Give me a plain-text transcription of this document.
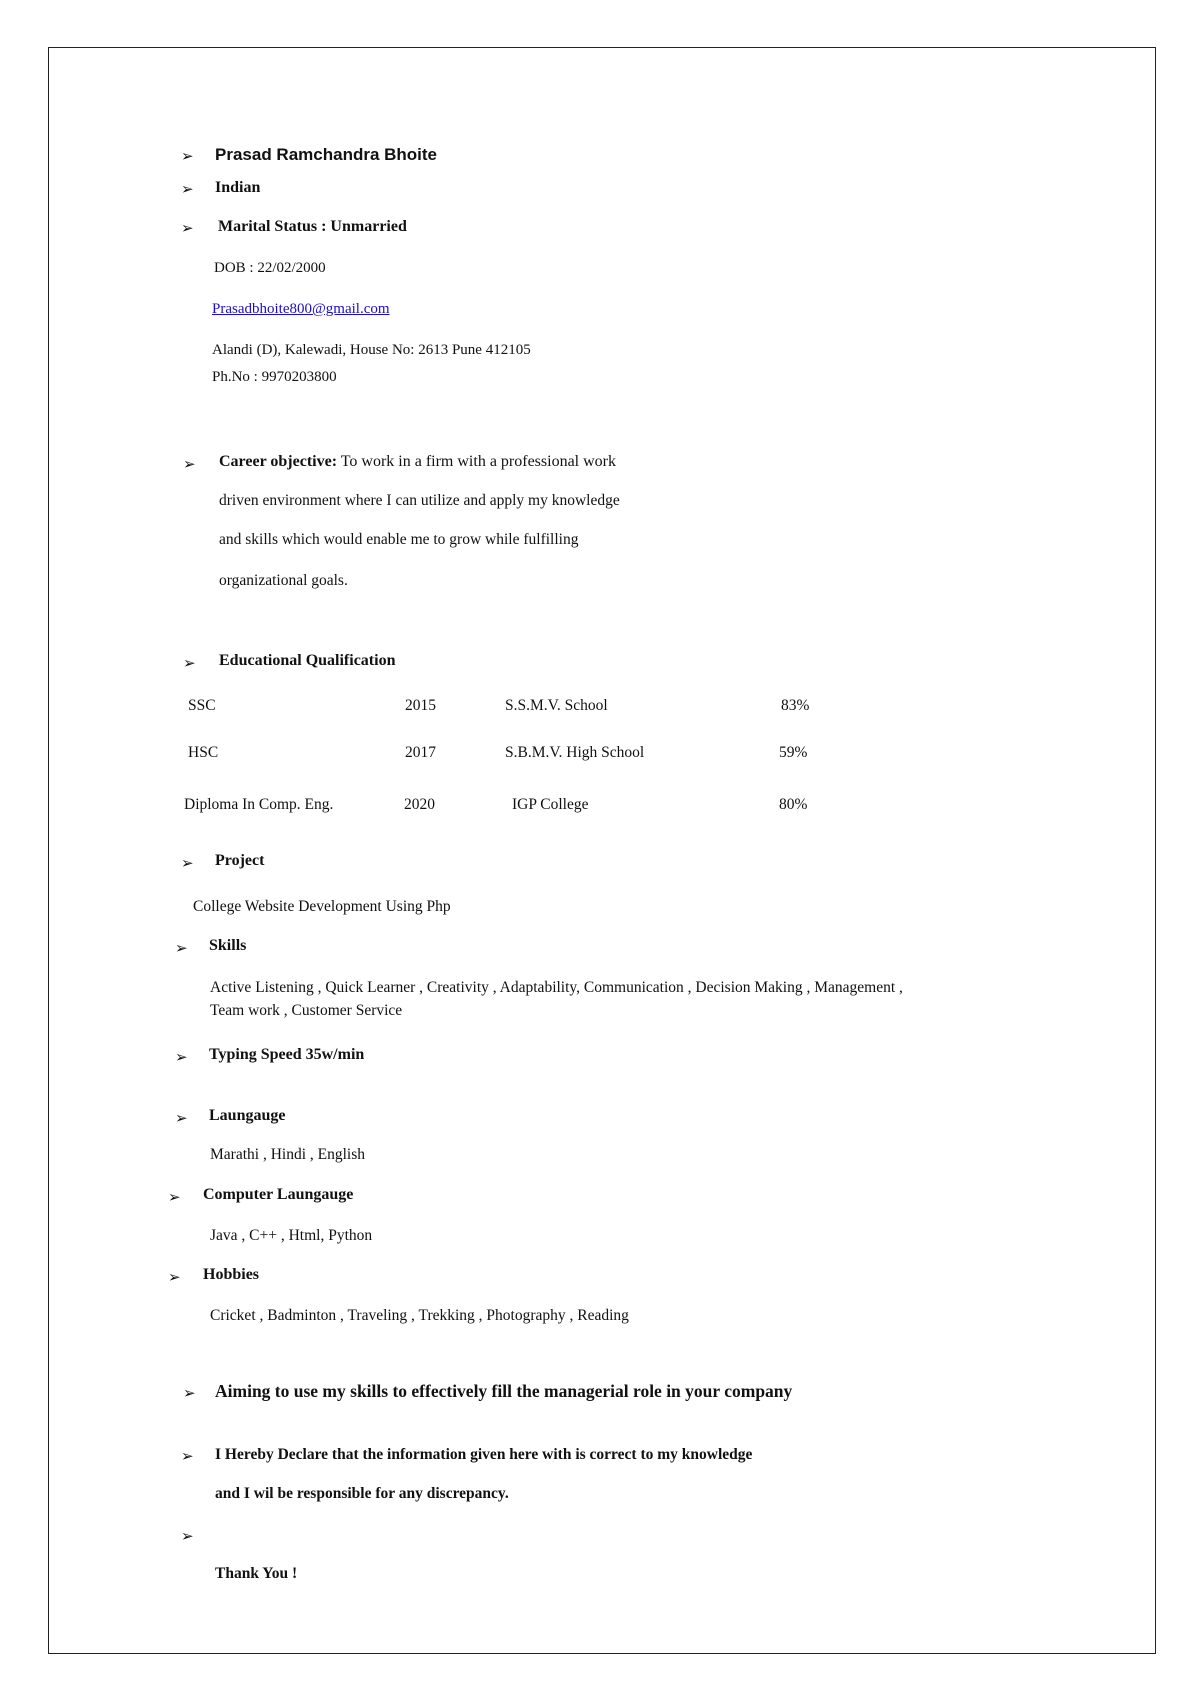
➢ Prasad Ramchandra Bhoite
➢ Indian
➢ Marital Status : Unmarried
DOB : 22/02/2000
Prasadbhoite800@gmail.com
Alandi (D), Kalewadi, House No: 2613 Pune 412105
Ph.No : 9970203800
➢ Career objective: To work in a firm with a professional work
driven environment where I can utilize and apply my knowledge
and skills which would enable me to grow while fulfilling
organizational goals.
➢ Educational Qualification
SSC	2015	S.S.M.V. School	83%
HSC	2017	S.B.M.V. High School	59%
Diploma In Comp. Eng.	2020	IGP College	80%
➢ Project
College Website Development Using Php
➢ Skills
Active Listening , Quick Learner , Creativity , Adaptability, Communication , Decision Making , Management ,
Team work , Customer Service
➢ Typing Speed 35w/min
➢ Laungauge
Marathi , Hindi , English
➢ Computer Laungauge
Java , C++ , Html, Python
➢ Hobbies
Cricket , Badminton , Traveling , Trekking , Photography , Reading
➢ Aiming to use my skills to effectively fill the managerial role in your company
➢ I Hereby Declare that the information given here with is correct to my knowledge
and I wil be responsible for any discrepancy.
➢
Thank You !
